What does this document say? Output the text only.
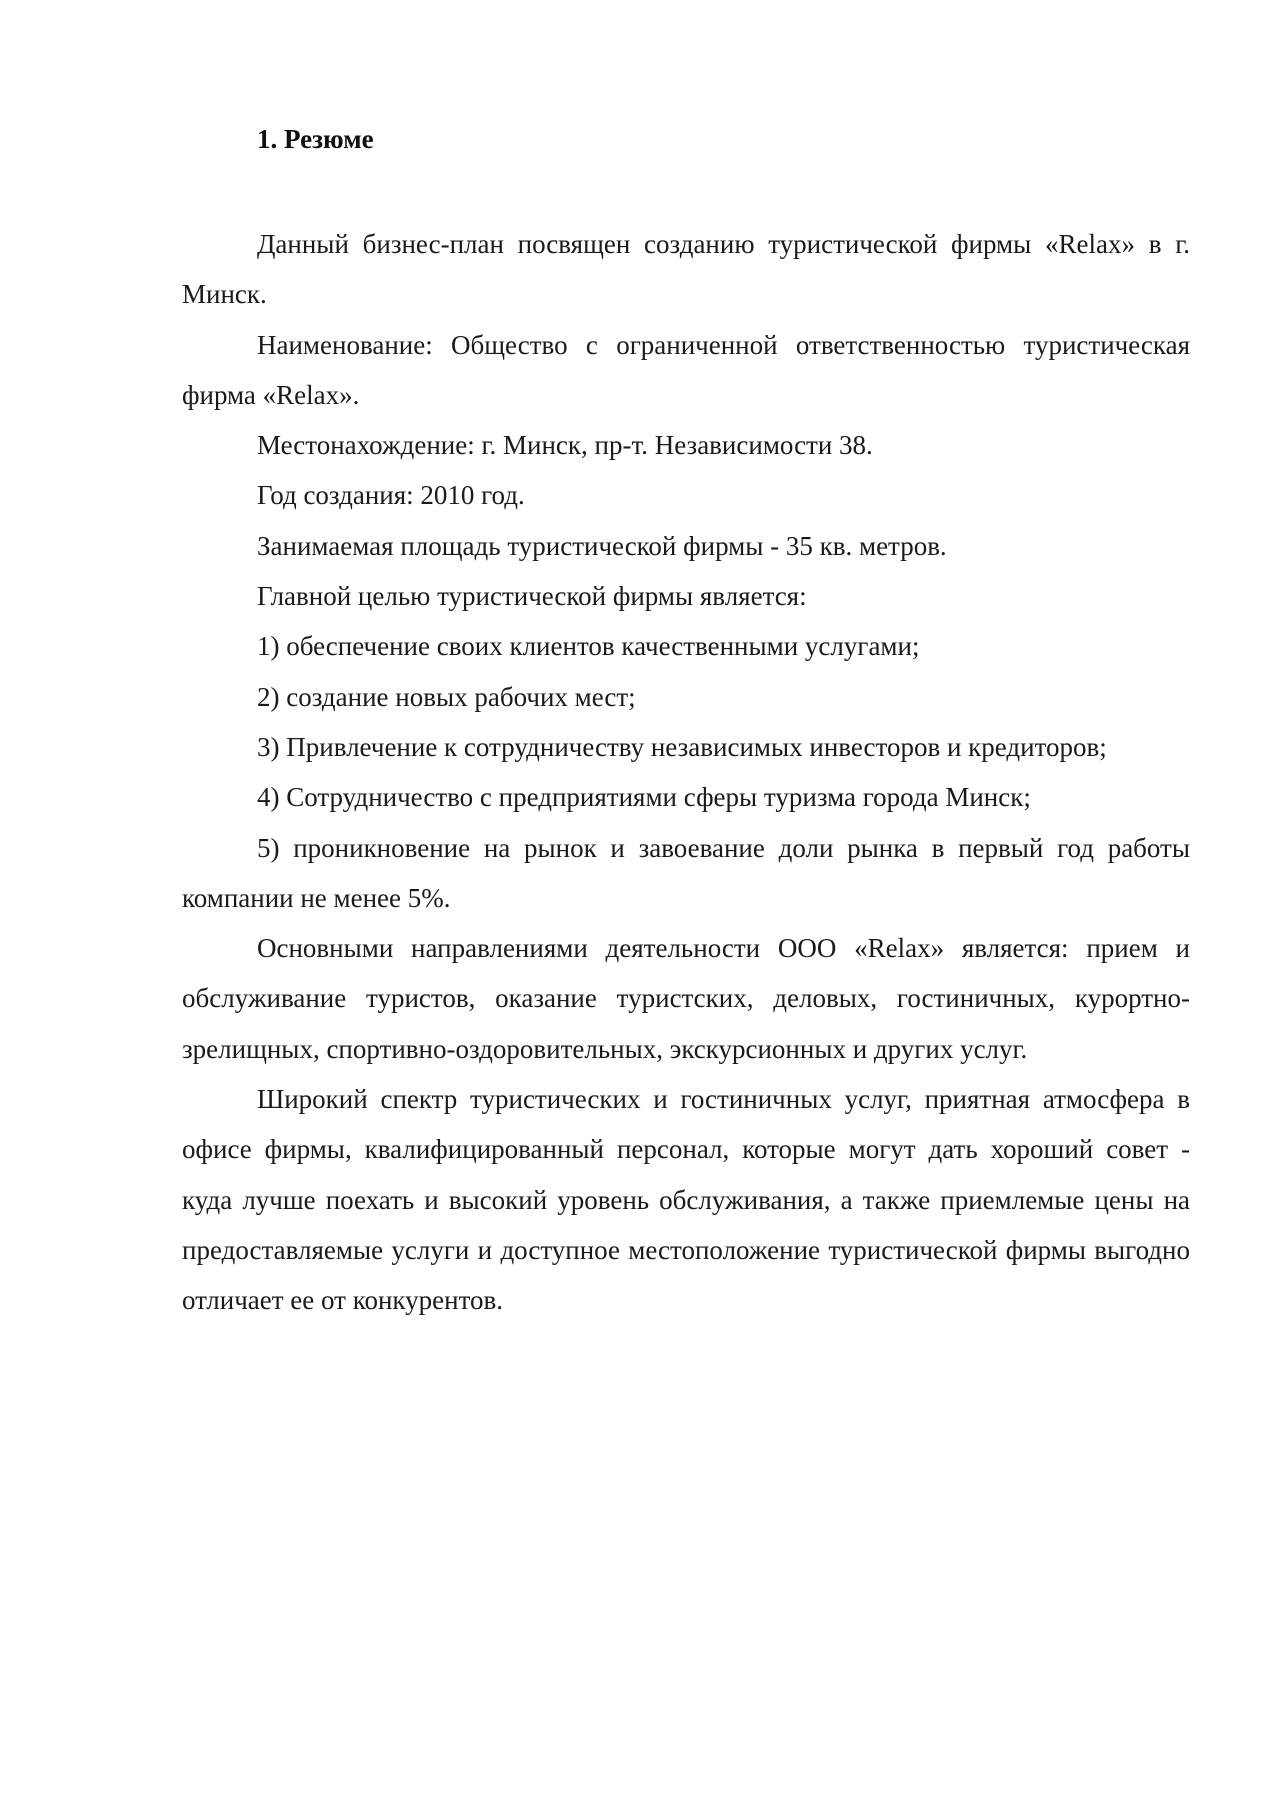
1. Резюме

Данный бизнес-план посвящен созданию туристической фирмы «Relax» в г. Минск.

Наименование: Общество с ограниченной ответственностью туристическая фирма «Relax».

Местонахождение: г. Минск, пр-т. Независимости 38.

Год создания: 2010 год.

Занимаемая площадь туристической фирмы - 35 кв. метров.

Главной целью туристической фирмы является:

1) обеспечение своих клиентов качественными услугами;

2) создание новых рабочих мест;

3) Привлечение к сотрудничеству независимых инвесторов и кредиторов;

4) Сотрудничество с предприятиями сферы туризма города Минск;

5) проникновение на рынок и завоевание доли рынка в первый год работы компании не менее 5%.

Основными направлениями деятельности ООО «Relax» является: прием и обслуживание туристов, оказание туристских, деловых, гостиничных, курортно-зрелищных, спортивно-оздоровительных, экскурсионных и других услуг.

Широкий спектр туристических и гостиничных услуг, приятная атмосфера в офисе фирмы, квалифицированный персонал, которые могут дать хороший совет - куда лучше поехать и высокий уровень обслуживания, а также приемлемые цены на предоставляемые услуги и доступное местоположение туристической фирмы выгодно отличает ее от конкурентов.
